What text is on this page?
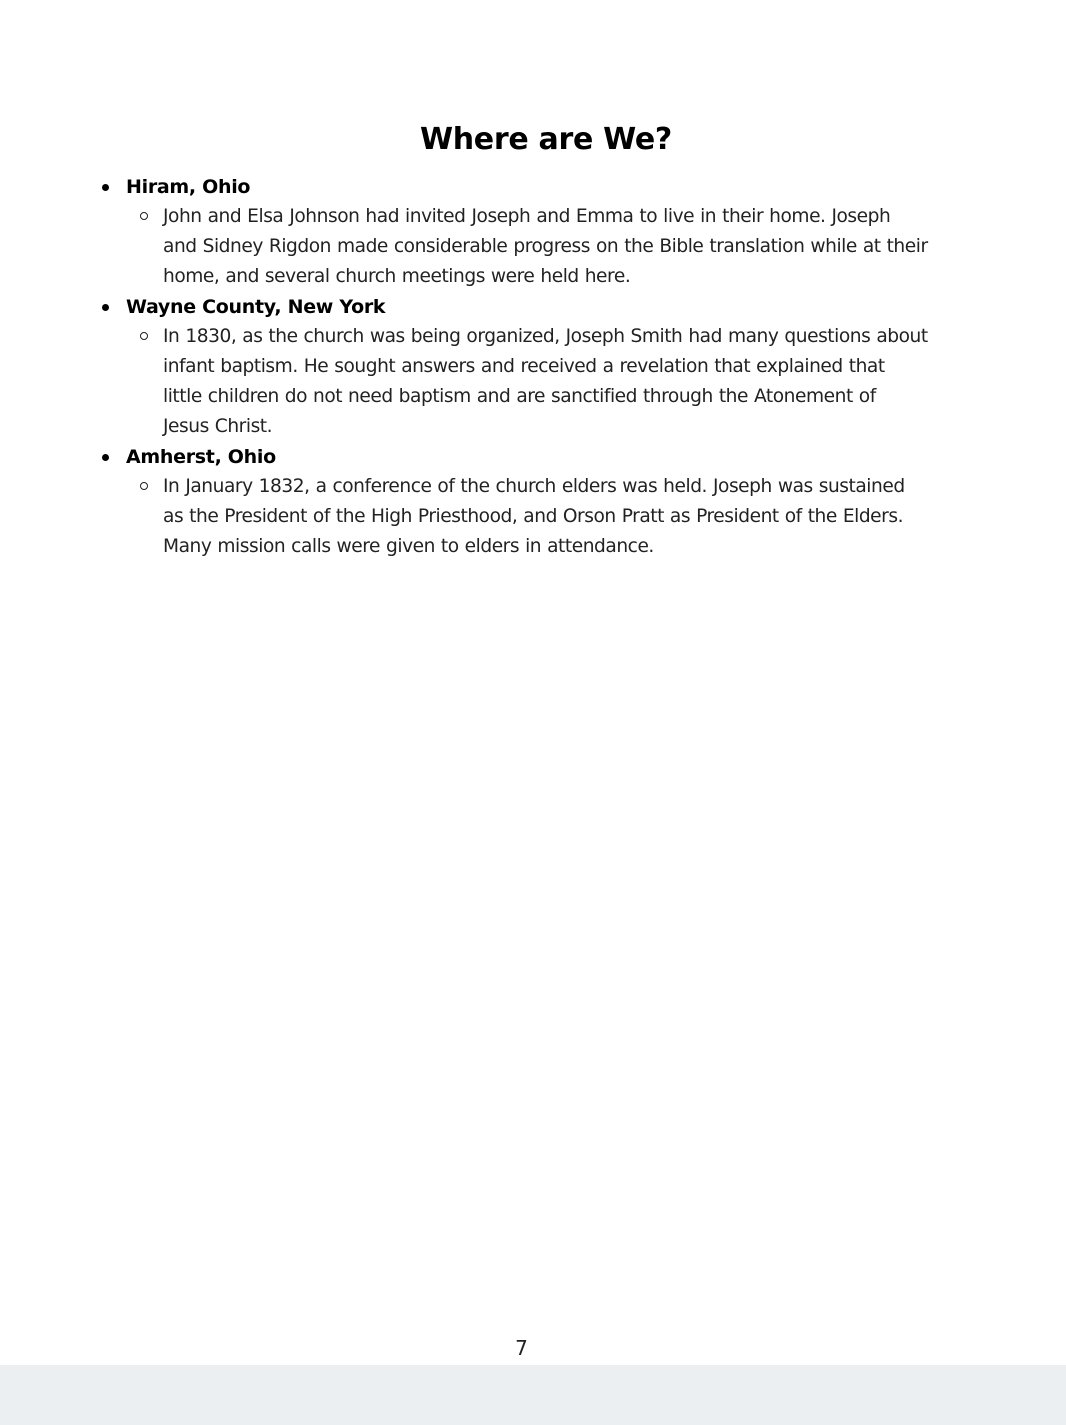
Where are We?
Hiram, Ohio
John and Elsa Johnson had invited Joseph and Emma to live in their home. Joseph
and Sidney Rigdon made considerable progress on the Bible translation while at their
home, and several church meetings were held here.
Wayne County, New York
In 1830, as the church was being organized, Joseph Smith had many questions about
infant baptism. He sought answers and received a revelation that explained that
little children do not need baptism and are sanctified through the Atonement of
Jesus Christ.
Amherst, Ohio
In January 1832, a conference of the church elders was held. Joseph was sustained
as the President of the High Priesthood, and Orson Pratt as President of the Elders.
Many mission calls were given to elders in attendance.
7
